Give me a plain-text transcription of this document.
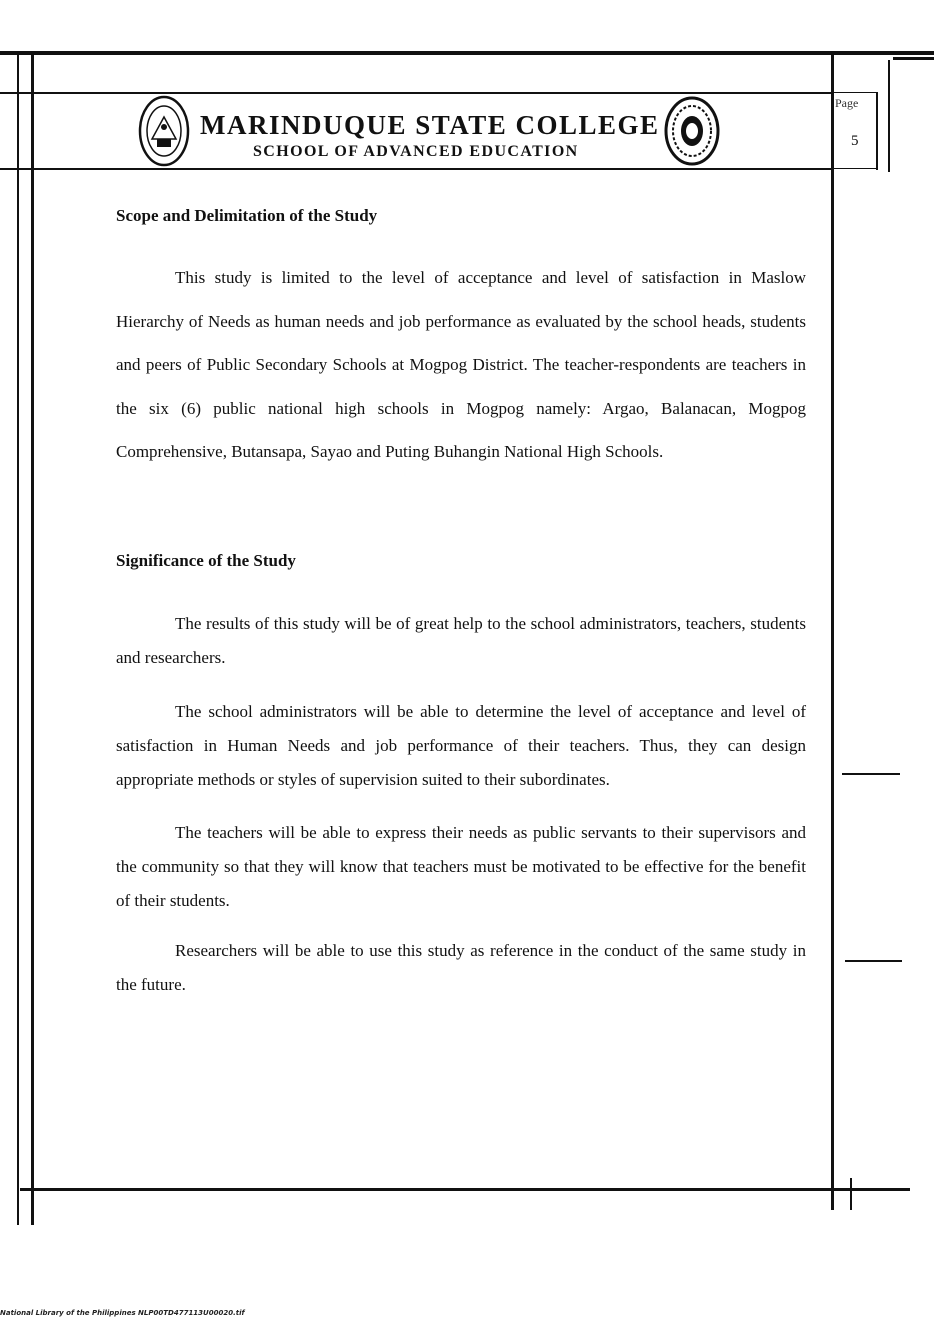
MARINDUQUE STATE COLLEGE
SCHOOL OF ADVANCED EDUCATION
Page
5

Scope and Delimitation of the Study

This study is limited to the level of acceptance and level of satisfaction in Maslow Hierarchy of Needs as human needs and job performance as evaluated by the school heads, students and peers of Public Secondary Schools at Mogpog District. The teacher-respondents are teachers in the six (6) public national high schools in Mogpog namely: Argao, Balanacan, Mogpog Comprehensive, Butansapa, Sayao and Puting Buhangin National High Schools.

Significance of the Study

The results of this study will be of great help to the school administrators, teachers, students and researchers.

The school administrators will be able to determine the level of acceptance and level of satisfaction in Human Needs and job performance of their teachers. Thus, they can design appropriate methods or styles of supervision suited to their subordinates.

The teachers will be able to express their needs as public servants to their supervisors and the community so that they will know that teachers must be motivated to be effective for the benefit of their students.

Researchers will be able to use this study as reference in the conduct of the same study in the future.

National Library of the Philippines NLP00TD477113U00020.tif
